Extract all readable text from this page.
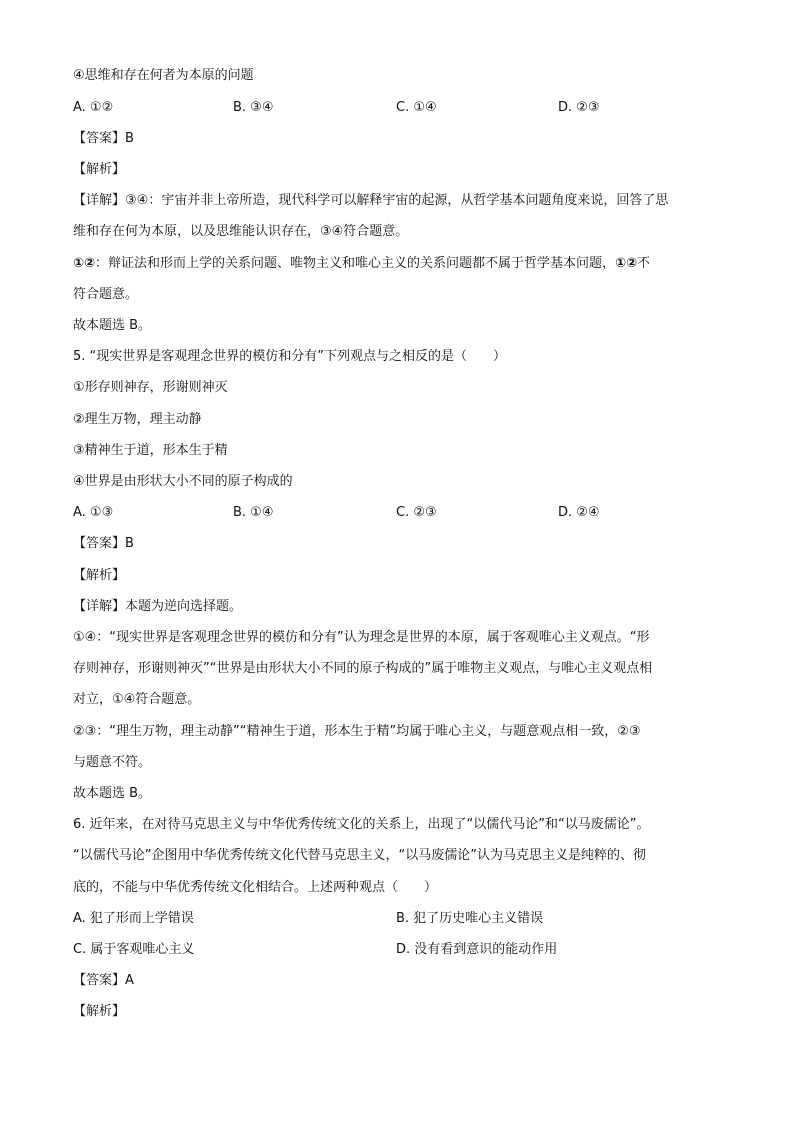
④思维和存在何者为本原的问题
A. ①②	B. ③④	C. ①④	D. ②③
【答案】B
【解析】
【详解】③④：宇宙并非上帝所造，现代科学可以解释宇宙的起源，从哲学基本问题角度来说，回答了思
维和存在何为本原，以及思维能认识存在，③④符合题意。
①②：辩证法和形而上学的关系问题、唯物主义和唯心主义的关系问题都不属于哲学基本问题，①②不
符合题意。
故本题选 B。
5. “现实世界是客观理念世界的模仿和分有”下列观点与之相反的是（　　）
①形存则神存，形谢则神灭
②理生万物，理主动静
③精神生于道，形本生于精
④世界是由形状大小不同的原子构成的
A. ①③	B. ①④	C. ②③	D. ②④
【答案】B
【解析】
【详解】本题为逆向选择题。
①④：“现实世界是客观理念世界的模仿和分有”认为理念是世界的本原，属于客观唯心主义观点。“形
存则神存，形谢则神灭”“世界是由形状大小不同的原子构成的”属于唯物主义观点，与唯心主义观点相
对立，①④符合题意。
②③：“理生万物，理主动静”“精神生于道，形本生于精”均属于唯心主义，与题意观点相一致，②③
与题意不符。
故本题选 B。
6. 近年来，在对待马克思主义与中华优秀传统文化的关系上，出现了“以儒代马论”和“以马废儒论”。
“以儒代马论”企图用中华优秀传统文化代替马克思主义，“以马废儒论”认为马克思主义是纯粹的、彻
底的，不能与中华优秀传统文化相结合。上述两种观点（　　）
A. 犯了形而上学错误	B. 犯了历史唯心主义错误
C. 属于客观唯心主义	D. 没有看到意识的能动作用
【答案】A
【解析】
